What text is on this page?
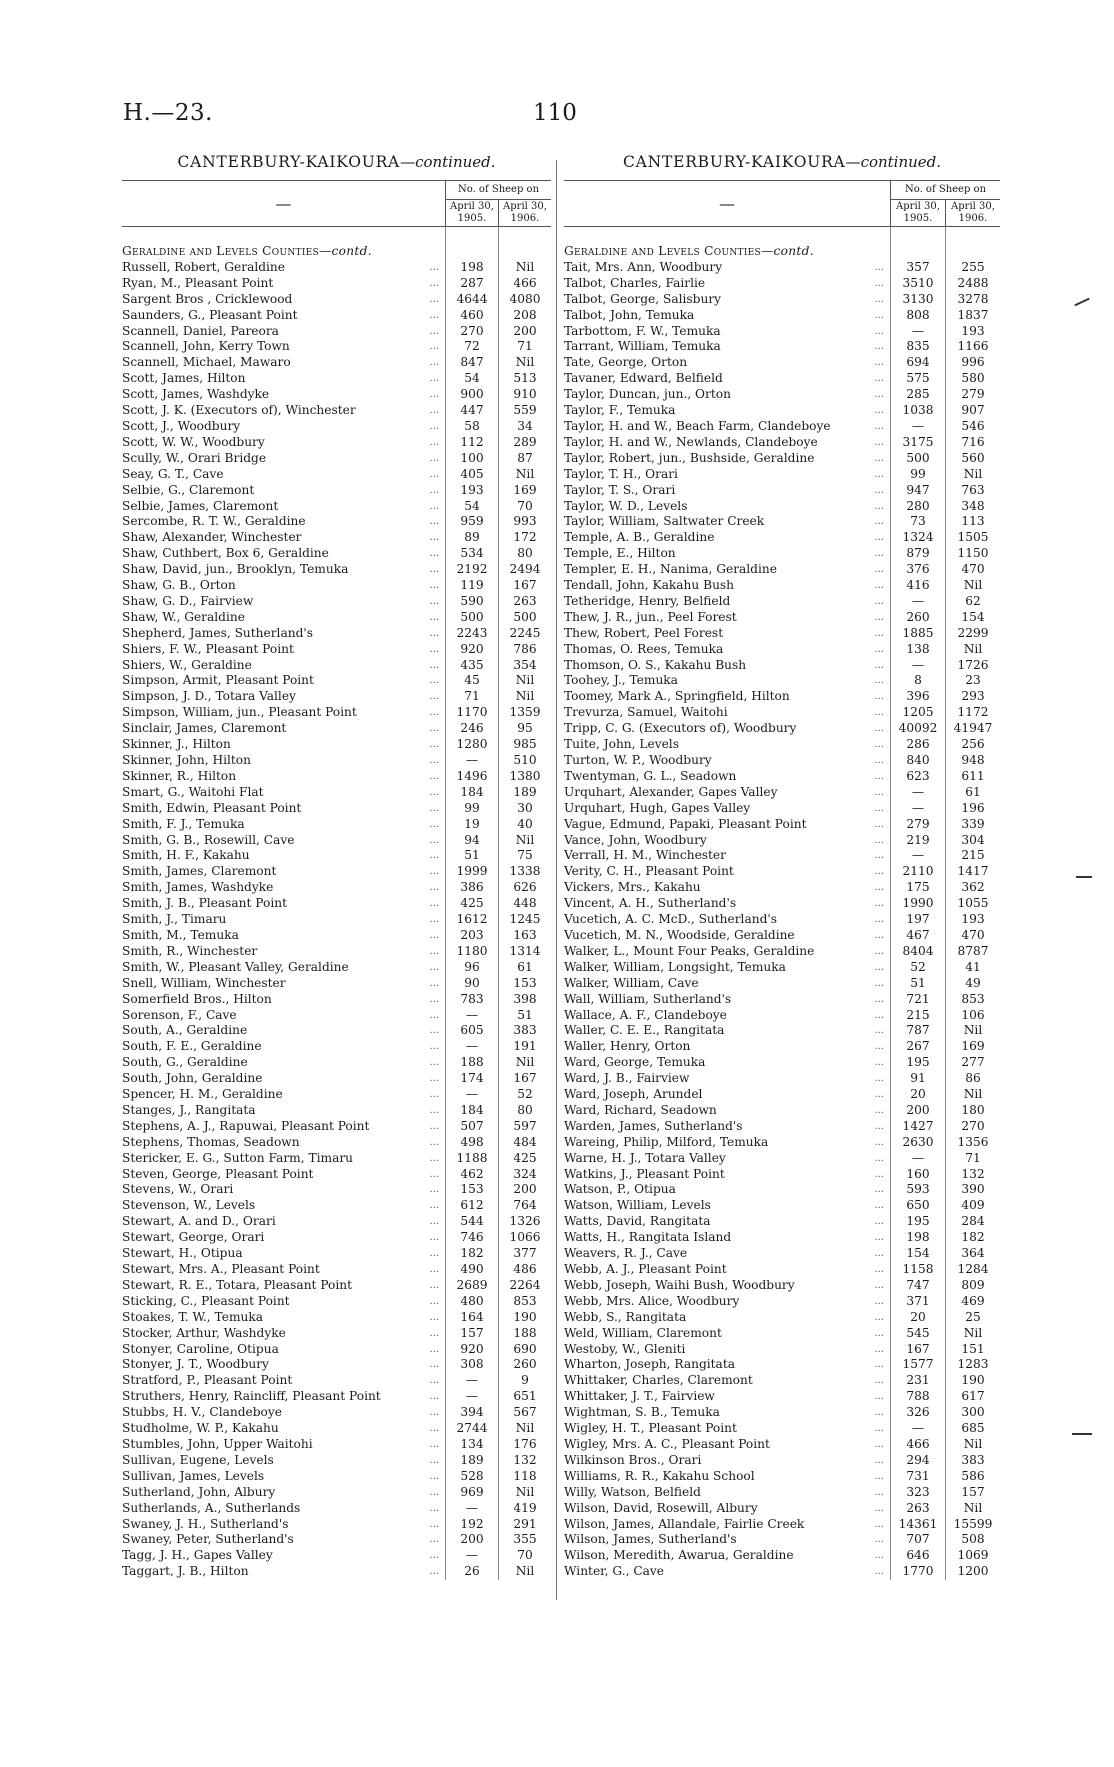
H.—23.	110
CANTERBURY-KAIKOURA—continued.
—		No. of Sheep on	
		April 30, 1905.	April 30, 1906.

Geraldine and Levels Counties—contd.			
Russell, Robert, Geraldine	...	198	Nil
Ryan, M., Pleasant Point	...	287	466
Sargent Bros , Cricklewood	...	4644	4080
Saunders, G., Pleasant Point	...	460	208
Scannell, Daniel, Pareora	...	270	200
Scannell, John, Kerry Town	...	72	71
Scannell, Michael, Mawaro	...	847	Nil
Scott, James, Hilton	...	54	513
Scott, James, Washdyke	...	900	910
Scott, J. K. (Executors of), Winchester	...	447	559
Scott, J., Woodbury	...	58	34
Scott, W. W., Woodbury	...	112	289
Scully, W., Orari Bridge	...	100	87
Seay, G. T., Cave	...	405	Nil
Selbie, G., Claremont	...	193	169
Selbie, James, Claremont	...	54	70
Sercombe, R. T. W., Geraldine	...	959	993
Shaw, Alexander, Winchester	...	89	172
Shaw, Cuthbert, Box 6, Geraldine	...	534	80
Shaw, David, jun., Brooklyn, Temuka	...	2192	2494
Shaw, G. B., Orton	...	119	167
Shaw, G. D., Fairview	...	590	263
Shaw, W., Geraldine	...	500	500
Shepherd, James, Sutherland's	...	2243	2245
Shiers, F. W., Pleasant Point	...	920	786
Shiers, W., Geraldine	...	435	354
Simpson, Armit, Pleasant Point	...	45	Nil
Simpson, J. D., Totara Valley	...	71	Nil
Simpson, William, jun., Pleasant Point	...	1170	1359
Sinclair, James, Claremont	...	246	95
Skinner, J., Hilton	...	1280	985
Skinner, John, Hilton	...	—	510
Skinner, R., Hilton	...	1496	1380
Smart, G., Waitohi Flat	...	184	189
Smith, Edwin, Pleasant Point	...	99	30
Smith, F. J., Temuka	...	19	40
Smith, G. B., Rosewill, Cave	...	94	Nil
Smith, H. F., Kakahu	...	51	75
Smith, James, Claremont	...	1999	1338
Smith, James, Washdyke	...	386	626
Smith, J. B., Pleasant Point	...	425	448
Smith, J., Timaru	...	1612	1245
Smith, M., Temuka	...	203	163
Smith, R., Winchester	...	1180	1314
Smith, W., Pleasant Valley, Geraldine	...	96	61
Snell, William, Winchester	...	90	153
Somerfield Bros., Hilton	...	783	398
Sorenson, F., Cave	...	—	51
South, A., Geraldine	...	605	383
South, F. E., Geraldine	...	—	191
South, G., Geraldine	...	188	Nil
South, John, Geraldine	...	174	167
Spencer, H. M., Geraldine	...	—	52
Stanges, J., Rangitata	...	184	80
Stephens, A. J., Rapuwai, Pleasant Point	...	507	597
Stephens, Thomas, Seadown	...	498	484
Stericker, E. G., Sutton Farm, Timaru	...	1188	425
Steven, George, Pleasant Point	...	462	324
Stevens, W., Orari	...	153	200
Stevenson, W., Levels	...	612	764
Stewart, A. and D., Orari	...	544	1326
Stewart, George, Orari	...	746	1066
Stewart, H., Otipua	...	182	377
Stewart, Mrs. A., Pleasant Point	...	490	486
Stewart, R. E., Totara, Pleasant Point	...	2689	2264
Sticking, C., Pleasant Point	...	480	853
Stoakes, T. W., Temuka	...	164	190
Stocker, Arthur, Washdyke	...	157	188
Stonyer, Caroline, Otipua	...	920	690
Stonyer, J. T., Woodbury	...	308	260
Stratford, P., Pleasant Point	...	—	9
Struthers, Henry, Raincliff, Pleasant Point	...	—	651
Stubbs, H. V., Clandeboye	...	394	567
Studholme, W. P., Kakahu	...	2744	Nil
Stumbles, John, Upper Waitohi	...	134	176
Sullivan, Eugene, Levels	...	189	132
Sullivan, James, Levels	...	528	118
Sutherland, John, Albury	...	969	Nil
Sutherlands, A., Sutherlands	...	—	419
Swaney, J. H., Sutherland's	...	192	291
Swaney, Peter, Sutherland's	...	200	355
Tagg, J. H., Gapes Valley	...	—	70
Taggart, J. B., Hilton	...	26	Nil
CANTERBURY-KAIKOURA—continued.
—		No. of Sheep on	
		April 30, 1905.	April 30, 1906.

Geraldine and Levels Counties—contd.			
Tait, Mrs. Ann, Woodbury	...	357	255
Talbot, Charles, Fairlie	...	3510	2488
Talbot, George, Salisbury	...	3130	3278
Talbot, John, Temuka	...	808	1837
Tarbottom, F. W., Temuka	...	—	193
Tarrant, William, Temuka	...	835	1166
Tate, George, Orton	...	694	996
Tavaner, Edward, Belfield	...	575	580
Taylor, Duncan, jun., Orton	...	285	279
Taylor, F., Temuka	...	1038	907
Taylor, H. and W., Beach Farm, Clandeboye	...	—	546
Taylor, H. and W., Newlands, Clandeboye	...	3175	716
Taylor, Robert, jun., Bushside, Geraldine	...	500	560
Taylor, T. H., Orari	...	99	Nil
Taylor, T. S., Orari	...	947	763
Taylor, W. D., Levels	...	280	348
Taylor, William, Saltwater Creek	...	73	113
Temple, A. B., Geraldine	...	1324	1505
Temple, E., Hilton	...	879	1150
Templer, E. H., Nanima, Geraldine	...	376	470
Tendall, John, Kakahu Bush	...	416	Nil
Tetheridge, Henry, Belfield	...	—	62
Thew, J. R., jun., Peel Forest	...	260	154
Thew, Robert, Peel Forest	...	1885	2299
Thomas, O. Rees, Temuka	...	138	Nil
Thomson, O. S., Kakahu Bush	...	—	1726
Toohey, J., Temuka	...	8	23
Toomey, Mark A., Springfield, Hilton	...	396	293
Trevurza, Samuel, Waitohi	...	1205	1172
Tripp, C. G. (Executors of), Woodbury	...	40092	41947
Tuite, John, Levels	...	286	256
Turton, W. P., Woodbury	...	840	948
Twentyman, G. L., Seadown	...	623	611
Urquhart, Alexander, Gapes Valley	...	—	61
Urquhart, Hugh, Gapes Valley	...	—	196
Vague, Edmund, Papaki, Pleasant Point	...	279	339
Vance, John, Woodbury	...	219	304
Verrall, H. M., Winchester	...	—	215
Verity, C. H., Pleasant Point	...	2110	1417
Vickers, Mrs., Kakahu	...	175	362
Vincent, A. H., Sutherland's	...	1990	1055
Vucetich, A. C. McD., Sutherland's	...	197	193
Vucetich, M. N., Woodside, Geraldine	...	467	470
Walker, L., Mount Four Peaks, Geraldine	...	8404	8787
Walker, William, Longsight, Temuka	...	52	41
Walker, William, Cave	...	51	49
Wall, William, Sutherland's	...	721	853
Wallace, A. F., Clandeboye	...	215	106
Waller, C. E. E., Rangitata	...	787	Nil
Waller, Henry, Orton	...	267	169
Ward, George, Temuka	...	195	277
Ward, J. B., Fairview	...	91	86
Ward, Joseph, Arundel	...	20	Nil
Ward, Richard, Seadown	...	200	180
Warden, James, Sutherland's	...	1427	270
Wareing, Philip, Milford, Temuka	...	2630	1356
Warne, H. J., Totara Valley	...	—	71
Watkins, J., Pleasant Point	...	160	132
Watson, P., Otipua	...	593	390
Watson, William, Levels	...	650	409
Watts, David, Rangitata	...	195	284
Watts, H., Rangitata Island	...	198	182
Weavers, R. J., Cave	...	154	364
Webb, A. J., Pleasant Point	...	1158	1284
Webb, Joseph, Waihi Bush, Woodbury	...	747	809
Webb, Mrs. Alice, Woodbury	...	371	469
Webb, S., Rangitata	...	20	25
Weld, William, Claremont	...	545	Nil
Westoby, W., Gleniti	...	167	151
Wharton, Joseph, Rangitata	...	1577	1283
Whittaker, Charles, Claremont	...	231	190
Whittaker, J. T., Fairview	...	788	617
Wightman, S. B., Temuka	...	326	300
Wigley, H. T., Pleasant Point	...	—	685
Wigley, Mrs. A. C., Pleasant Point	...	466	Nil
Wilkinson Bros., Orari	...	294	383
Williams, R. R., Kakahu School	...	731	586
Willy, Watson, Belfield	...	323	157
Wilson, David, Rosewill, Albury	...	263	Nil
Wilson, James, Allandale, Fairlie Creek	...	14361	15599
Wilson, James, Sutherland's	...	707	508
Wilson, Meredith, Awarua, Geraldine	...	646	1069
Winter, G., Cave	...	1770	1200
